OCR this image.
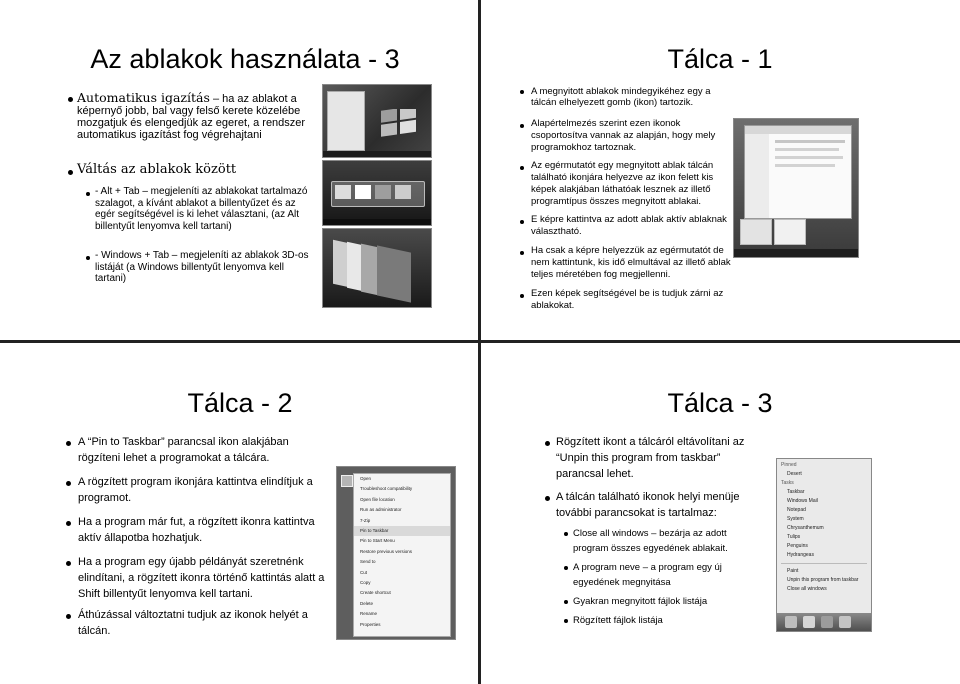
Az ablakok használata - 3
Automatikus igazítás – ha az ablakot a képernyő jobb, bal vagy felső kerete közelébe mozgatjuk és elengedjük az egeret, a rendszer automatikus igazítást fog végrehajtani
Váltás az ablakok között
- Alt + Tab – megjeleníti az ablakokat tartalmazó szalagot, a kívánt ablakot a billentyűzet és az egér segítségével is ki lehet választani, (az Alt billentyűt lenyomva kell tartani)
- Windows + Tab – megjeleníti az ablakok 3D-os listáját (a Windows billentyűt lenyomva kell tartani)
Tálca - 1
A megnyitott ablakok mindegyikéhez egy a tálcán elhelyezett gomb (ikon) tartozik.
Alapértelmezés szerint ezen ikonok csoportosítva vannak az alapján, hogy mely programokhoz tartoznak.
Az egérmutatót egy megnyitott ablak tálcán található ikonjára helyezve az ikon felett kis képek alakjában láthatóak lesznek az illető programtípus összes megnyitott ablakai.
E képre kattintva az adott ablak aktív ablaknak választható.
Ha csak a képre helyezzük az egérmutatót de nem kattintunk, kis idő elmultával az illető ablak teljes méretében fog megjellenni.
Ezen képek segítségével be is tudjuk zárni az ablakokat.
Tálca - 2
A “Pin to Taskbar” parancsal ikon alakjában rögzíteni lehet a programokat a tálcára.
A rögzített program ikonjára kattintva elindítjuk a programot.
Ha a program már fut, a rögzített ikonra kattintva aktív állapotba hozhatjuk.
Ha a program egy újabb példányát szeretnénk elindítani, a rögzített ikonra történő kattintás alatt a Shift billentyűt lenyomva kell tartani.
Áthúzással változtatni tudjuk az ikonok helyét a tálcán.
Open
Troubleshoot compatibility
Open file location
Run as administrator
7-Zip
Pin to Taskbar
Pin to Start Menu
Restore previous versions
Send to
Cut
Copy
Create shortcut
Delete
Rename
Properties
Tálca - 3
Rögzített ikont a tálcáról eltávolítani az “Unpin this program from taskbar” parancsal lehet.
A tálcán található ikonok helyi menüje további parancsokat is tartalmaz:
Close all windows – bezárja az adott program összes egyedének ablakait.
A program neve – a program egy új egyedének megnyitása
Gyakran megnyitott fájlok listája
Rögzített fájlok listája
Pinned
Desert
Tasks
Taskbar
Windows Mail
Notepad
System
Chrysanthemum
Tulips
Penguins
Hydrangeas
Paint
Unpin this program from taskbar
Close all windows
